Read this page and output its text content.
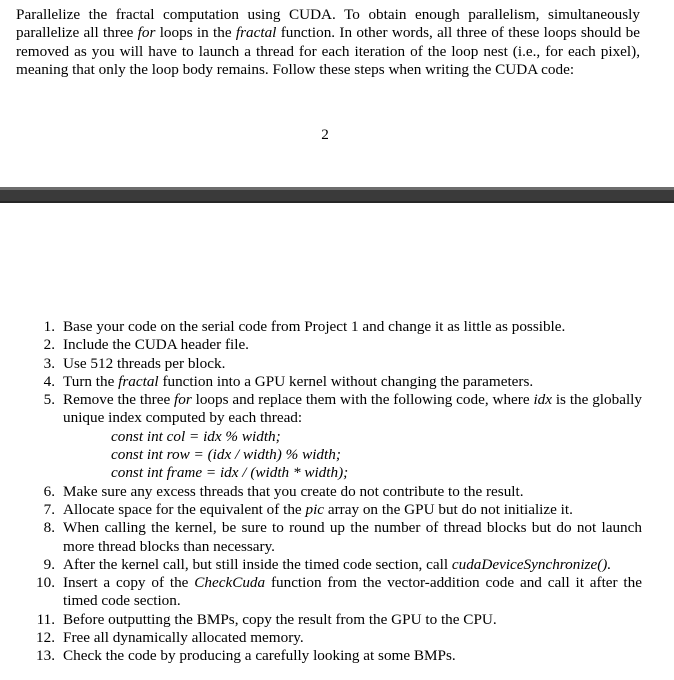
Parallelize the fractal computation using CUDA. To obtain enough parallelism, simultaneously parallelize all three for loops in the fractal function. In other words, all three of these loops should be removed as you will have to launch a thread for each iteration of the loop nest (i.e., for each pixel), meaning that only the loop body remains. Follow these steps when writing the CUDA code:

2
1. Base your code on the serial code from Project 1 and change it as little as possible.
2. Include the CUDA header file.
3. Use 512 threads per block.
4. Turn the fractal function into a GPU kernel without changing the parameters.
5. Remove the three for loops and replace them with the following code, where idx is the globally unique index computed by each thread:
const int col = idx % width;
const int row = (idx / width) % width;
const int frame = idx / (width * width);
6. Make sure any excess threads that you create do not contribute to the result.
7. Allocate space for the equivalent of the pic array on the GPU but do not initialize it.
8. When calling the kernel, be sure to round up the number of thread blocks but do not launch more thread blocks than necessary.
9. After the kernel call, but still inside the timed code section, call cudaDeviceSynchronize().
10. Insert a copy of the CheckCuda function from the vector-addition code and call it after the timed code section.
11. Before outputting the BMPs, copy the result from the GPU to the CPU.
12. Free all dynamically allocated memory.
13. Check the code by producing a carefully looking at some BMPs.
